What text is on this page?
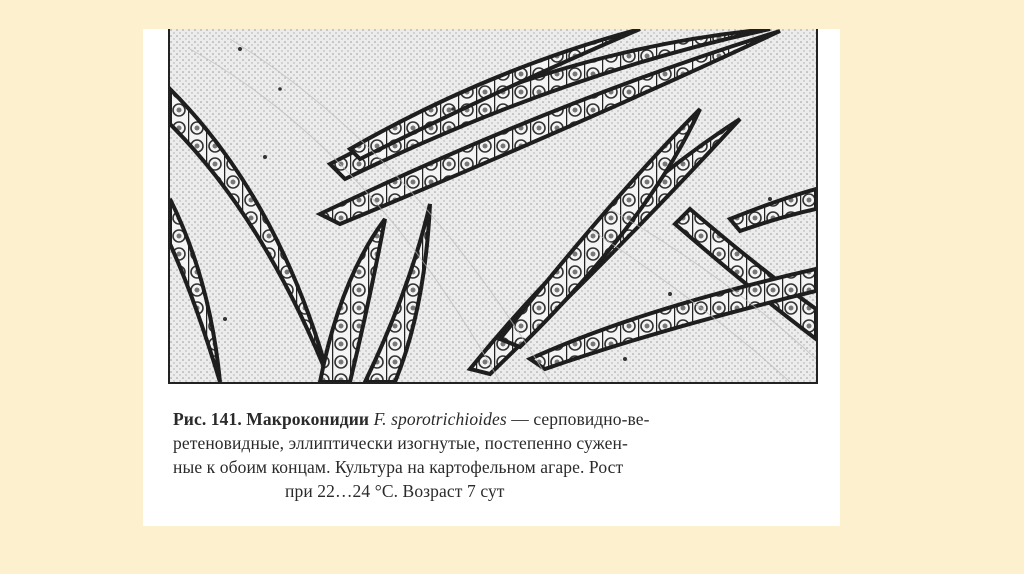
Рис. 141. Макроконидии F. sporotrichioides — серповидно-ве-
ретеновидные, эллиптически изогнутые, постепенно сужен-
ные к обоим концам. Культура на картофельном агаре. Рост
при 22…24 °С. Возраст 7 сут
